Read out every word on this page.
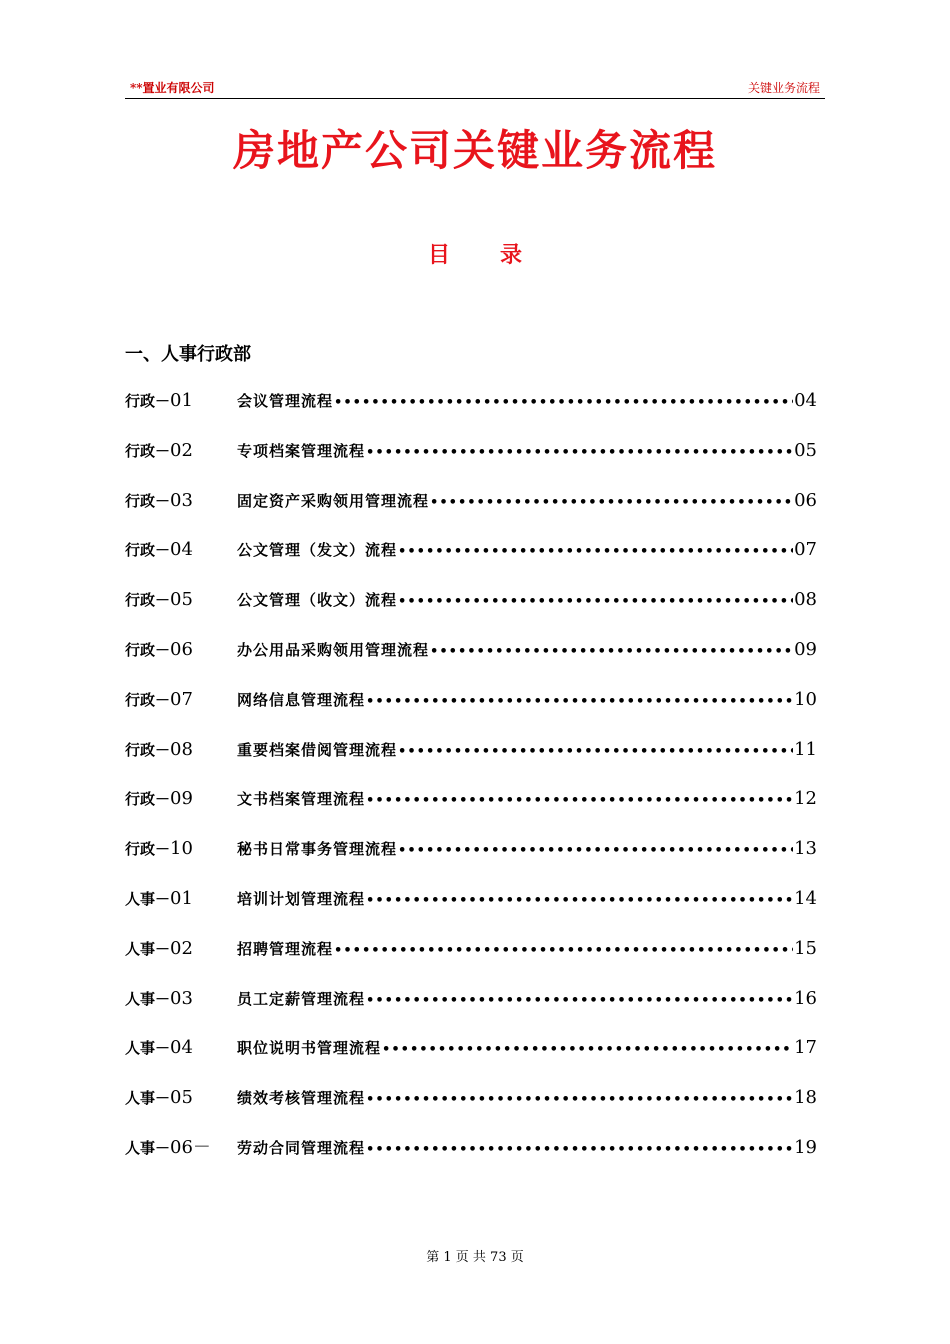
**置业有限公司	关键业务流程
房地产公司关键业务流程
目录
一、人事行政部
行政－01	会议管理流程 •••••	04
行政－02	专项档案管理流程 •••••	05
行政－03	固定资产采购领用管理流程 •••••	06
行政－04	公文管理（发文）流程 •••••	07
行政－05	公文管理（收文）流程 •••••	08
行政－06	办公用品采购领用管理流程 •••••	09
行政－07	网络信息管理流程 •••••	10
行政－08	重要档案借阅管理流程 •••••	11
行政－09	文书档案管理流程 •••••	12
行政－10	秘书日常事务管理流程 •••••	13
人事－01	培训计划管理流程 •••••	14
人事－02	招聘管理流程 •••••	15
人事－03	员工定薪管理流程 •••••	16
人事－04	职位说明书管理流程 •••••	17
人事－05	绩效考核管理流程 •••••	18
人事－06－	劳动合同管理流程 •••••	19
第 1 页 共 73 页
